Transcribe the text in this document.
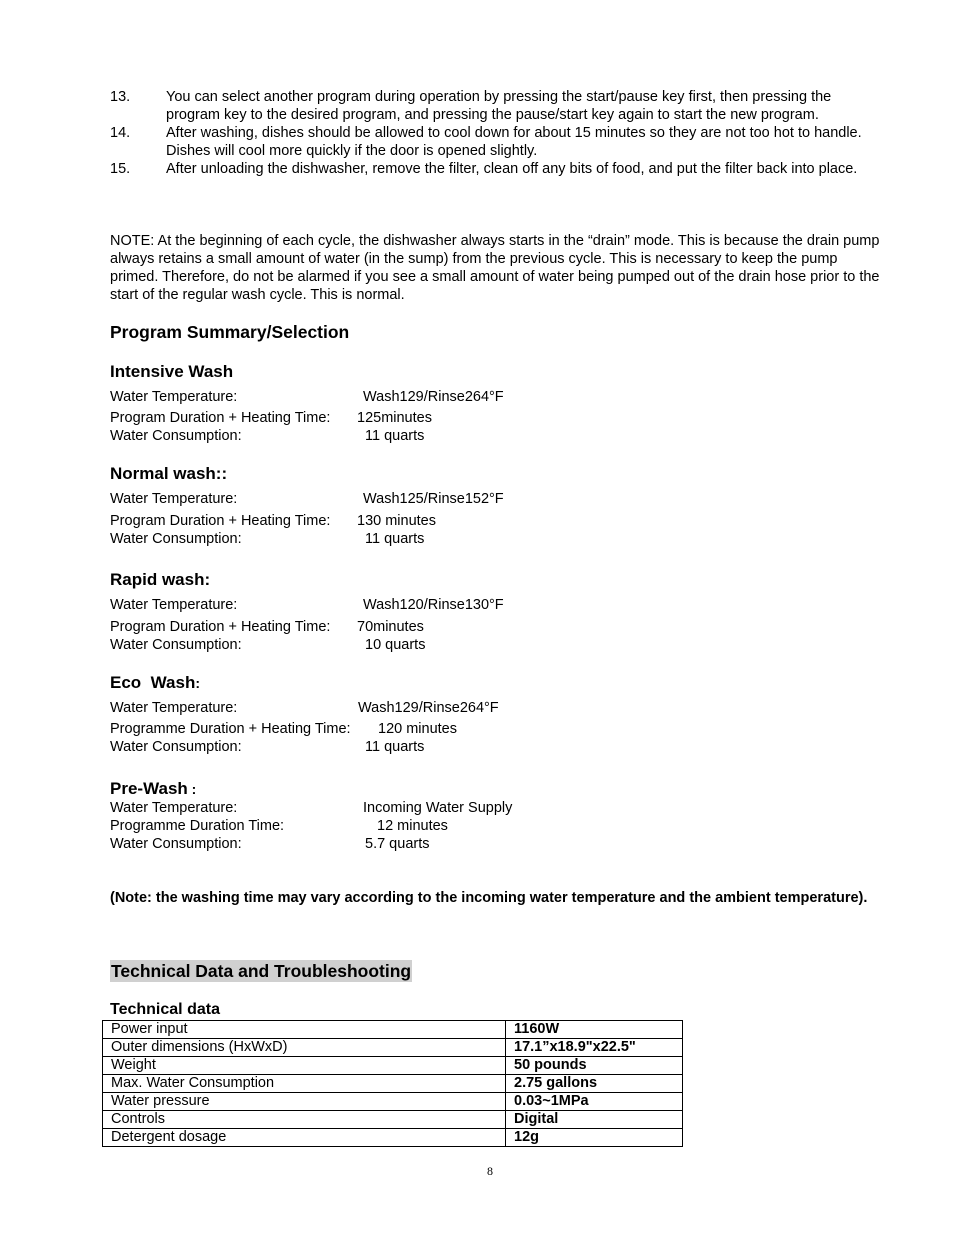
13.	You can select another program during operation by pressing the start/pause key first, then pressing the program key to the desired program, and pressing the pause/start key again to start the new program.
14.	After washing, dishes should be allowed to cool down for about 15 minutes so they are not too hot to handle. Dishes will cool more quickly if the door is opened slightly.
15.	After unloading the dishwasher, remove the filter, clean off any bits of food, and put the filter back into place.
NOTE: At the beginning of each cycle, the dishwasher always starts in the “drain” mode. This is because the drain pump always retains a small amount of water (in the sump) from the previous cycle. This is necessary to keep the pump primed. Therefore, do not be alarmed if you see a small amount of water being pumped out of the drain hose prior to the start of the regular wash cycle. This is normal.
Program Summary/Selection
Intensive Wash
Water Temperature:	Wash129/Rinse264°F
Program Duration + Heating Time: 125minutes
Water Consumption:	11 quarts
Normal wash::
Water Temperature:	Wash125/Rinse152°F
Program Duration + Heating Time: 130 minutes
Water Consumption:	11 quarts
Rapid wash:
Water Temperature:	Wash120/Rinse130°F
Program Duration + Heating Time: 70minutes
Water Consumption:	10 quarts
Eco  Wash:
Water Temperature:	Wash129/Rinse264°F
Programme Duration + Heating Time: 120 minutes
Water Consumption:	11 quarts
Pre-Wash :
Water Temperature:	Incoming Water Supply
Programme Duration Time:	12 minutes
Water Consumption:	5.7 quarts
(Note: the washing time may vary according to the incoming water temperature and the ambient temperature).
Technical Data and Troubleshooting
Technical data
Power input	1160W
Outer dimensions (HxWxD)	17.1”x18.9"x22.5"
Weight	50 pounds
Max. Water Consumption	2.75 gallons
Water pressure	0.03~1MPa
Controls	Digital
Detergent dosage	12g
8
